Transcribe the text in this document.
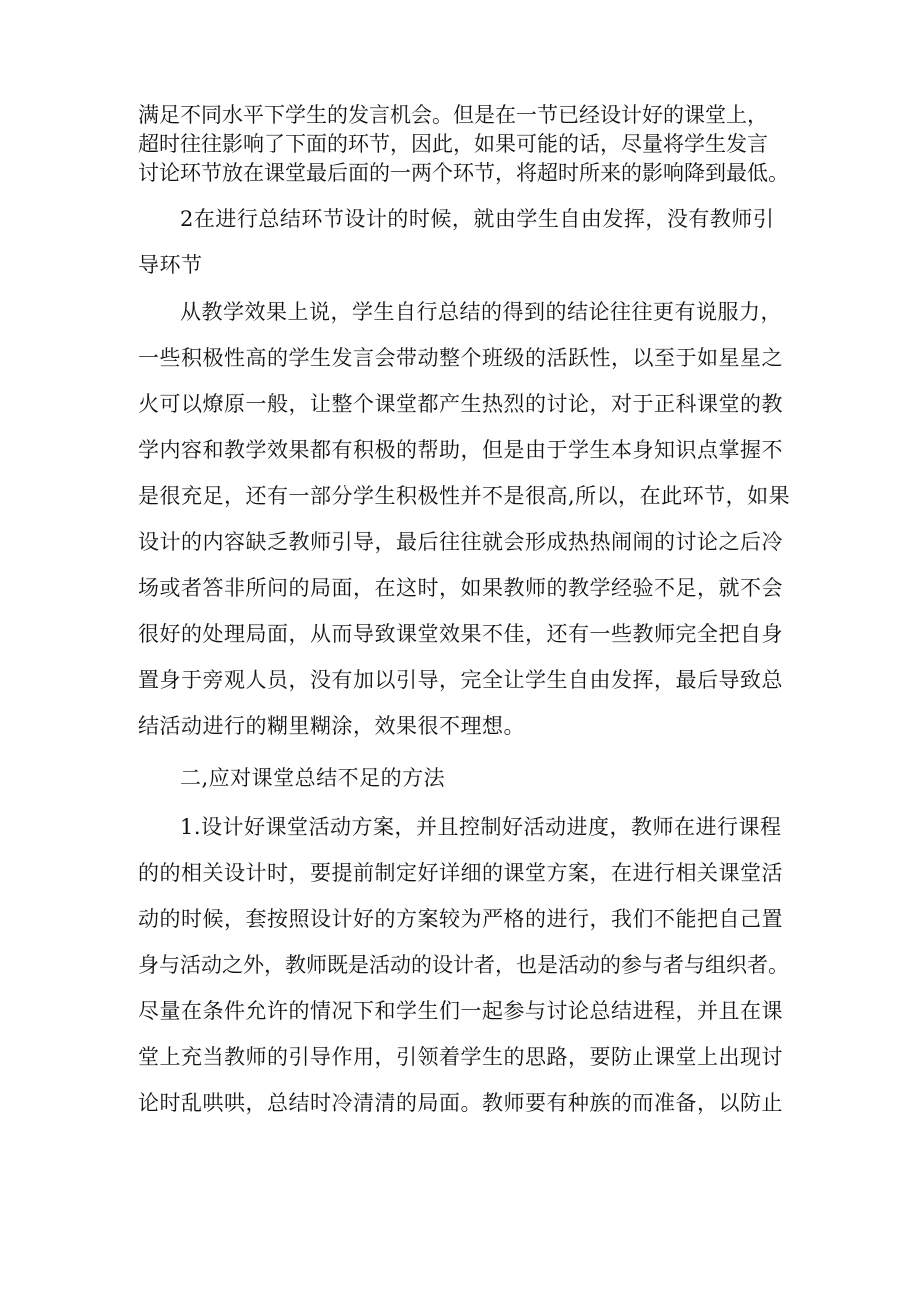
满足不同水平下学生的发言机会。但是在一节已经设计好的课堂上，
超时往往影响了下面的环节，因此，如果可能的话，尽量将学生发言
讨论环节放在课堂最后面的一两个环节，将超时所来的影响降到最低。
2在进行总结环节设计的时候，就由学生自由发挥，没有教师引
导环节
从教学效果上说，学生自行总结的得到的结论往往更有说服力，
一些积极性高的学生发言会带动整个班级的活跃性，以至于如星星之
火可以燎原一般，让整个课堂都产生热烈的讨论，对于正科课堂的教
学内容和教学效果都有积极的帮助，但是由于学生本身知识点掌握不
是很充足，还有一部分学生积极性并不是很高,所以，在此环节，如果
设计的内容缺乏教师引导，最后往往就会形成热热闹闹的讨论之后冷
场或者答非所问的局面，在这时，如果教师的教学经验不足，就不会
很好的处理局面，从而导致课堂效果不佳，还有一些教师完全把自身
置身于旁观人员，没有加以引导，完全让学生自由发挥，最后导致总
结活动进行的糊里糊涂，效果很不理想。
二,应对课堂总结不足的方法
1.设计好课堂活动方案，并且控制好活动进度，教师在进行课程
的的相关设计时，要提前制定好详细的课堂方案，在进行相关课堂活
动的时候，套按照设计好的方案较为严格的进行，我们不能把自己置
身与活动之外，教师既是活动的设计者，也是活动的参与者与组织者。
尽量在条件允许的情况下和学生们一起参与讨论总结进程，并且在课
堂上充当教师的引导作用，引领着学生的思路，要防止课堂上出现讨
论时乱哄哄，总结时冷清清的局面。教师要有种族的而准备，以防止
